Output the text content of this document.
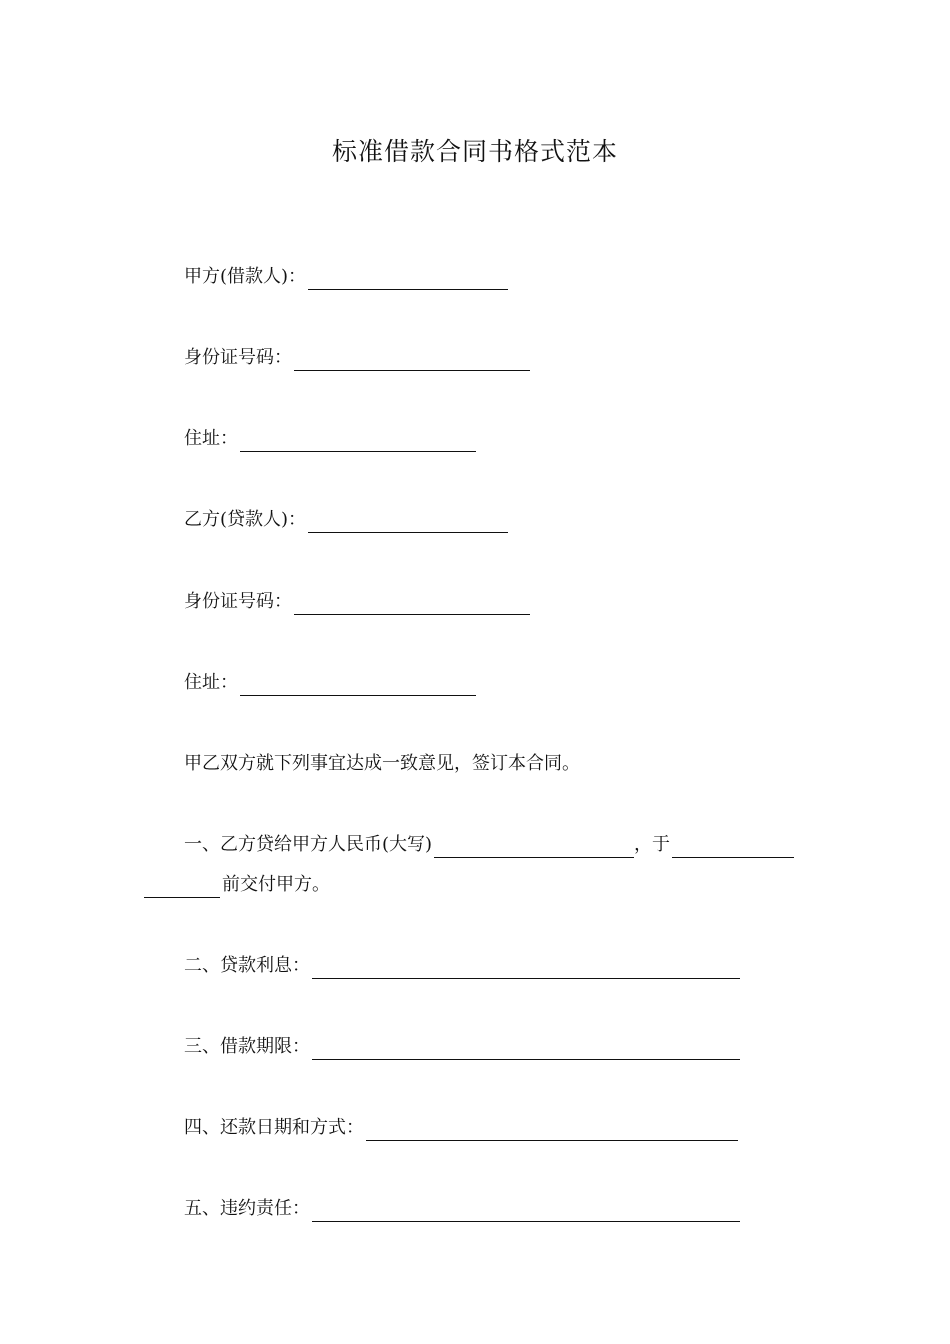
标准借款合同书格式范本
甲方(借款人)：
身份证号码：
住址：
乙方(贷款人)：
身份证号码：
住址：
甲乙双方就下列事宜达成一致意见，签订本合同。
一、乙方贷给甲方人民币(大写)	，于
前交付甲方。
二、贷款利息：
三、借款期限：
四、还款日期和方式：
五、违约责任：
